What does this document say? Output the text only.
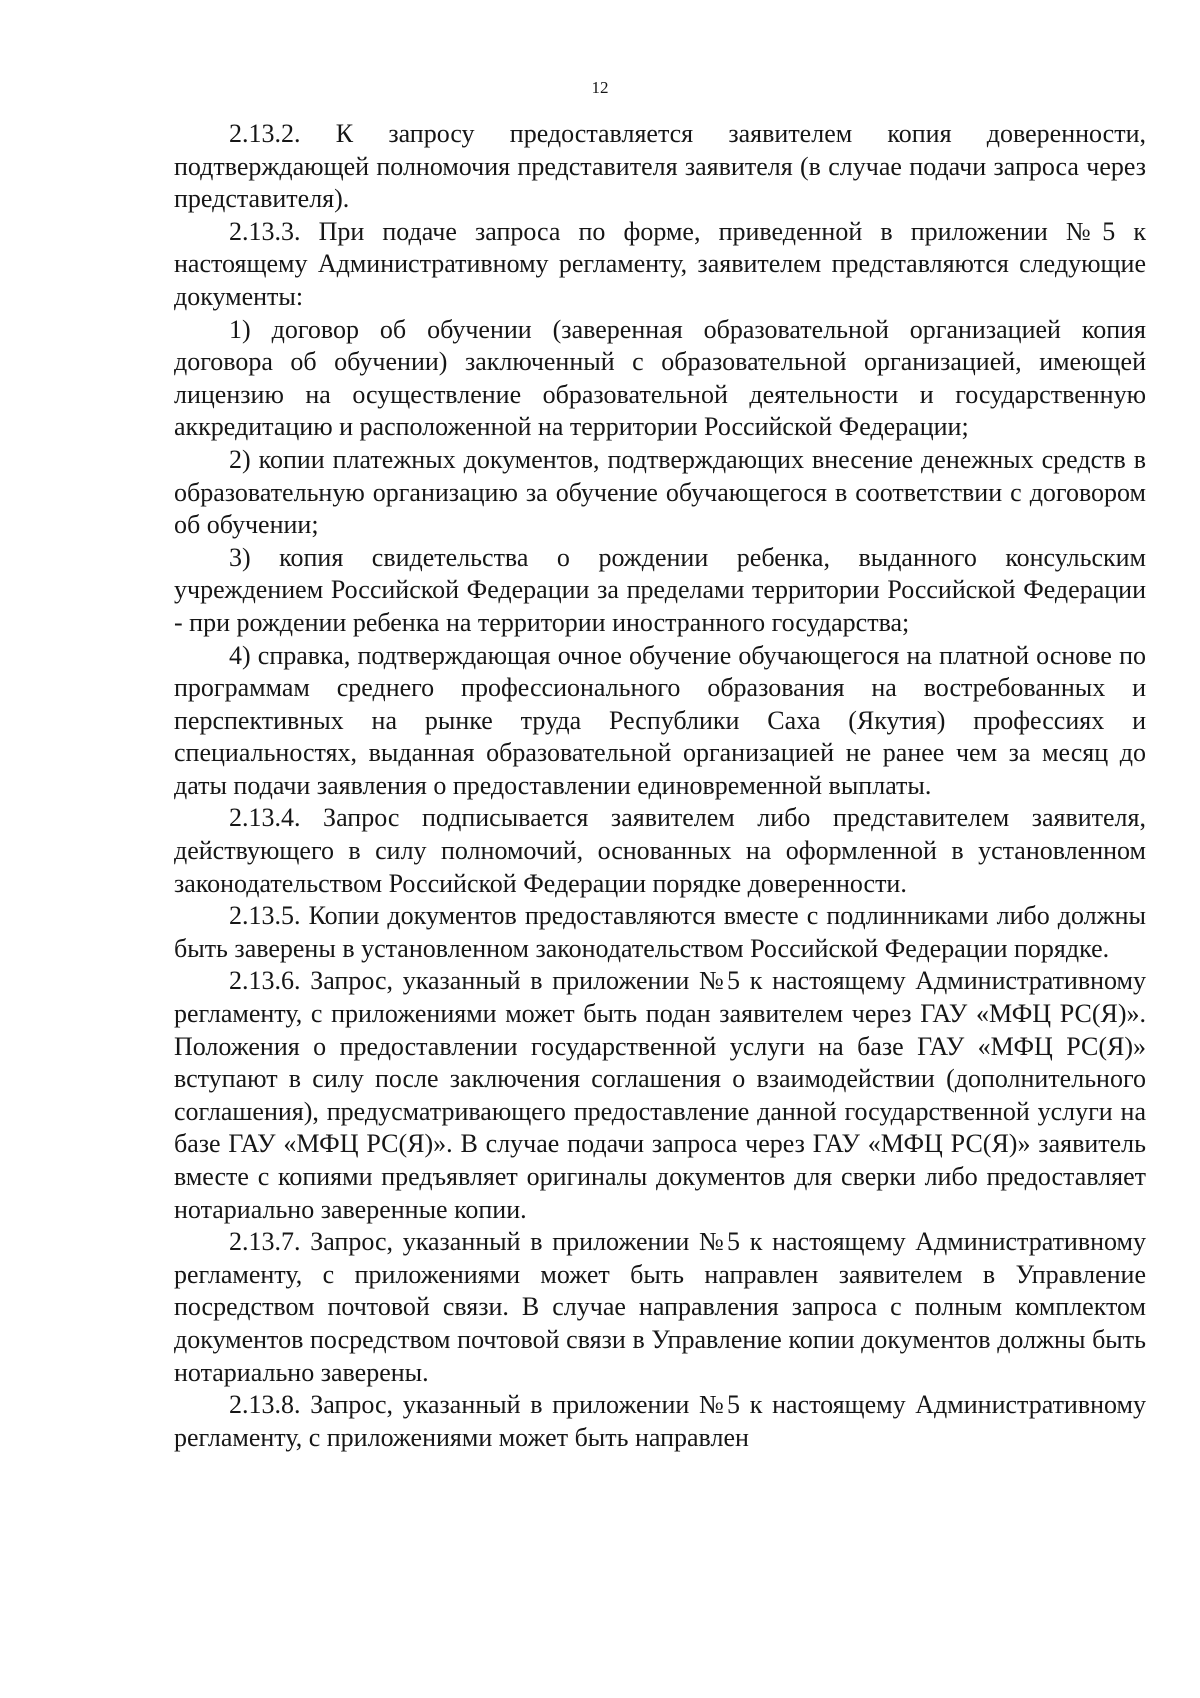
12

2.13.2. К запросу предоставляется заявителем копия доверенности, подтверждающей полномочия представителя заявителя (в случае подачи запроса через представителя).

2.13.3. При подаче запроса по форме, приведенной в приложении №5 к настоящему Административному регламенту, заявителем представляются следующие документы:

1) договор об обучении (заверенная образовательной организацией копия договора об обучении) заключенный с образовательной организацией, имеющей лицензию на осуществление образовательной деятельности и государственную аккредитацию и расположенной на территории Российской Федерации;

2) копии платежных документов, подтверждающих внесение денежных средств в образовательную организацию за обучение обучающегося в соответствии с договором об обучении;

3) копия свидетельства о рождении ребенка, выданного консульским учреждением Российской Федерации за пределами территории Российской Федерации - при рождении ребенка на территории иностранного государства;

4) справка, подтверждающая очное обучение обучающегося на платной основе по программам среднего профессионального образования на востребованных и перспективных на рынке труда Республики Саха (Якутия) профессиях и специальностях, выданная образовательной организацией не ранее чем за месяц до даты подачи заявления о предоставлении единовременной выплаты.

2.13.4. Запрос подписывается заявителем либо представителем заявителя, действующего в силу полномочий, основанных на оформленной в установленном законодательством Российской Федерации порядке доверенности.

2.13.5. Копии документов предоставляются вместе с подлинниками либо должны быть заверены в установленном законодательством Российской Федерации порядке.

2.13.6. Запрос, указанный в приложении №5 к настоящему Административному регламенту, с приложениями может быть подан заявителем через ГАУ «МФЦ РС(Я)». Положения о предоставлении государственной услуги на базе ГАУ «МФЦ РС(Я)» вступают в силу после заключения соглашения о взаимодействии (дополнительного соглашения), предусматривающего предоставление данной государственной услуги на базе ГАУ «МФЦ РС(Я)». В случае подачи запроса через ГАУ «МФЦ РС(Я)» заявитель вместе с копиями предъявляет оригиналы документов для сверки либо предоставляет нотариально заверенные копии.

2.13.7. Запрос, указанный в приложении №5 к настоящему Административному регламенту, с приложениями может быть направлен заявителем в Управление посредством почтовой связи. В случае направления запроса с полным комплектом документов посредством почтовой связи в Управление копии документов должны быть нотариально заверены.

2.13.8. Запрос, указанный в приложении №5 к настоящему Административному регламенту, с приложениями может быть направлен
